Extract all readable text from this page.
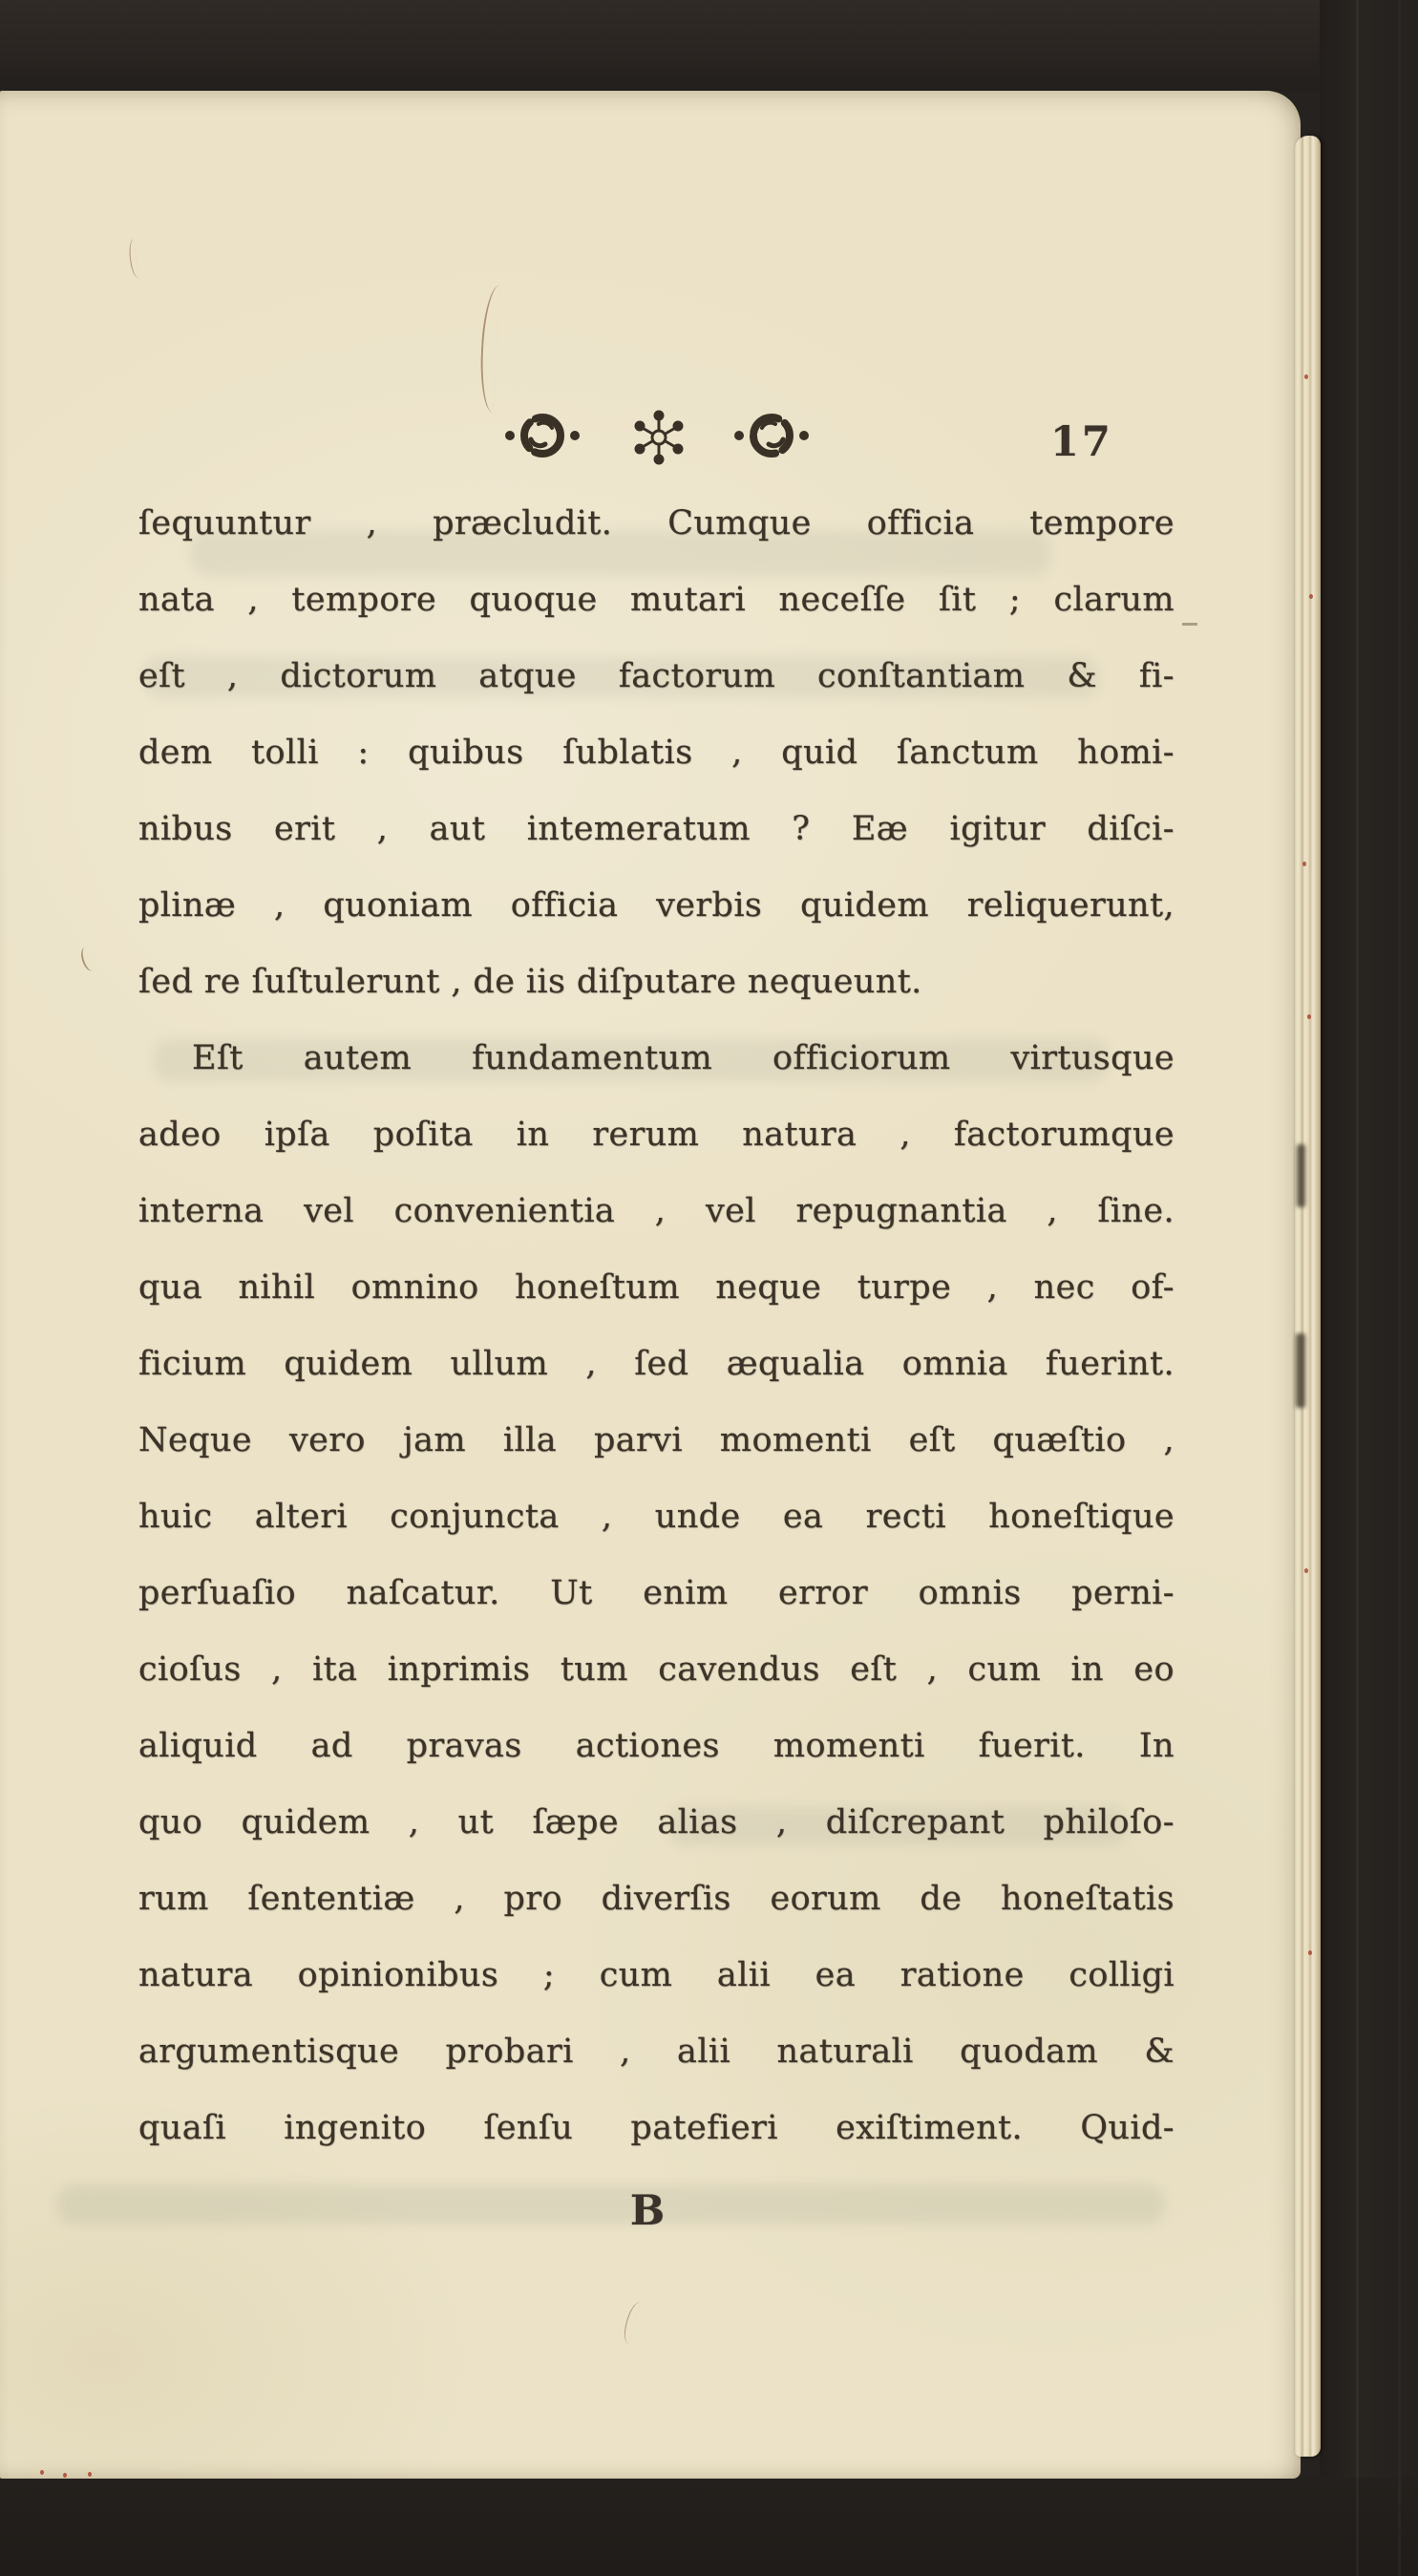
17
ſequuntur , præcludit. Cumque officia tempore
nata , tempore quoque mutari neceſſe ſit ; clarum
eſt , dictorum atque factorum conſtantiam & fi-
dem tolli : quibus ſublatis , quid ſanctum homi-
nibus erit , aut intemeratum ? Eæ igitur diſci-
plinæ , quoniam officia verbis quidem reliquerunt,
ſed re ſuſtulerunt , de iis diſputare nequeunt.
Eſt autem fundamentum officiorum virtusque
adeo ipſa poſita in rerum natura , factorumque
interna vel convenientia , vel repugnantia , ſine.
qua nihil omnino honeſtum neque turpe , nec of-
ficium quidem ullum , ſed æqualia omnia fuerint.
Neque vero jam illa parvi momenti eſt quæſtio ,
huic alteri conjuncta , unde ea recti honeſtique
perſuaſio naſcatur. Ut enim error omnis perni-
cioſus , ita inprimis tum cavendus eſt , cum in eo
aliquid ad pravas actiones momenti fuerit. In
quo quidem , ut ſæpe alias , diſcrepant philoſo-
rum ſententiæ , pro diverſis eorum de honeſtatis
natura opinionibus ; cum alii ea ratione colligi
argumentisque probari , alii naturali quodam &
quaſi ingenito ſenſu patefieri exiſtiment. Quid-
B
